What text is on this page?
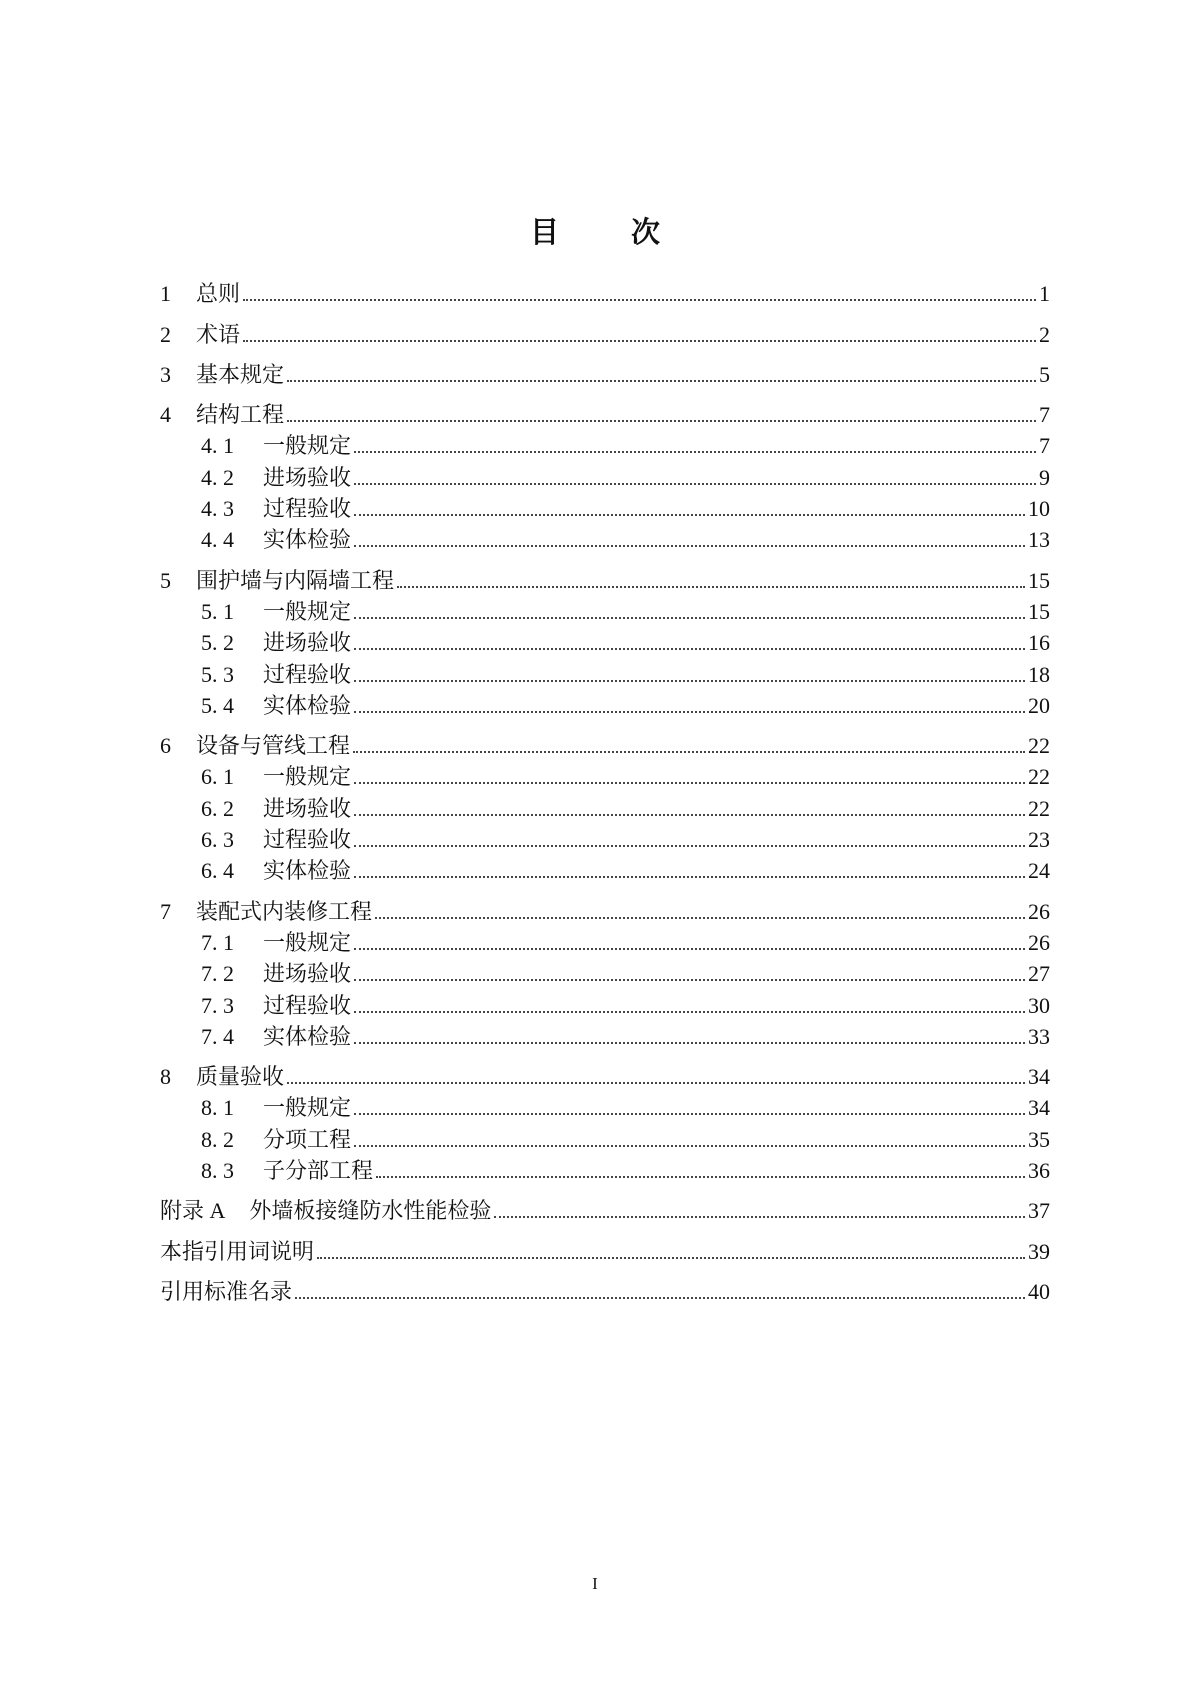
目 次
1	总则	1
2	术语	2
3	基本规定	5
4	结构工程	7
4. 1	一般规定	7
4. 2	进场验收	9
4. 3	过程验收	10
4. 4	实体检验	13
5	围护墙与内隔墙工程	15
5. 1	一般规定	15
5. 2	进场验收	16
5. 3	过程验收	18
5. 4	实体检验	20
6	设备与管线工程	22
6. 1	一般规定	22
6. 2	进场验收	22
6. 3	过程验收	23
6. 4	实体检验	24
7	装配式内装修工程	26
7. 1	一般规定	26
7. 2	进场验收	27
7. 3	过程验收	30
7. 4	实体检验	33
8	质量验收	34
8. 1	一般规定	34
8. 2	分项工程	35
8. 3	子分部工程	36
附录 A 外墙板接缝防水性能检验	37
本指引用词说明	39
引用标准名录	40
I
